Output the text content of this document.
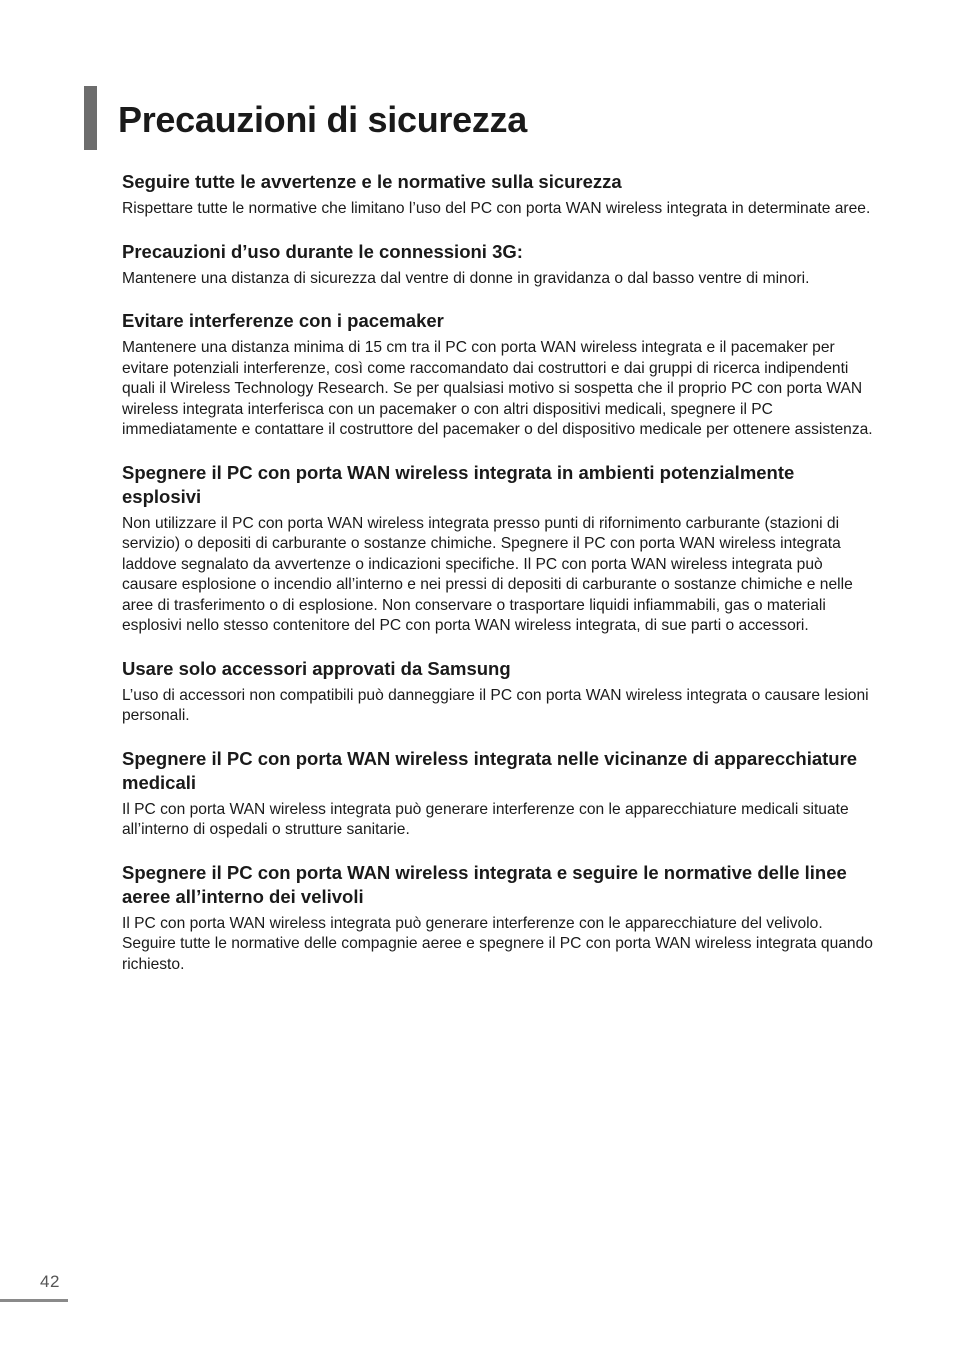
Precauzioni di sicurezza
Seguire tutte le avvertenze e le normative sulla sicurezza

Rispettare tutte le normative che limitano l’uso del PC con porta WAN wireless integrata in determinate aree.

Precauzioni d’uso durante le connessioni 3G:

Mantenere una distanza di sicurezza dal ventre di donne in gravidanza o dal basso ventre di minori.

Evitare interferenze con i pacemaker

Mantenere una distanza minima di 15 cm tra il PC con porta WAN wireless integrata e il pacemaker per evitare potenziali interferenze, così come raccomandato dai costruttori e dai gruppi di ricerca indipendenti quali il Wireless Technology Research. Se per qualsiasi motivo si sospetta che il proprio PC con porta WAN wireless integrata interferisca con un pacemaker o con altri dispositivi medicali, spegnere il PC immediatamente e contattare il costruttore del pacemaker o del dispositivo medicale per ottenere assistenza.

Spegnere il PC con porta WAN wireless integrata in ambienti potenzialmente esplosivi

Non utilizzare il PC con porta WAN wireless integrata presso punti di rifornimento carburante (stazioni di servizio) o depositi di carburante o sostanze chimiche. Spegnere il PC con porta WAN wireless integrata laddove segnalato da avvertenze o indicazioni specifiche. Il PC con porta WAN wireless integrata può causare esplosione o incendio all’interno e nei pressi di depositi di carburante o sostanze chimiche e nelle aree di trasferimento o di esplosione. Non conservare o trasportare liquidi infiammabili, gas o materiali esplosivi nello stesso contenitore del PC con porta WAN wireless integrata, di sue parti o accessori.

Usare solo accessori approvati da Samsung

L’uso di accessori non compatibili può danneggiare il PC con porta WAN wireless integrata o causare lesioni personali.

Spegnere il PC con porta WAN wireless integrata nelle vicinanze di apparecchiature medicali

Il PC con porta WAN wireless integrata può generare interferenze con le apparecchiature medicali situate all’interno di ospedali o strutture sanitarie.

Spegnere il PC con porta WAN wireless integrata e seguire le normative delle linee aeree all’interno dei velivoli

Il PC con porta WAN wireless integrata può generare interferenze con le apparecchiature del velivolo. Seguire tutte le normative delle compagnie aeree e spegnere il PC con porta WAN wireless integrata quando richiesto.

42
